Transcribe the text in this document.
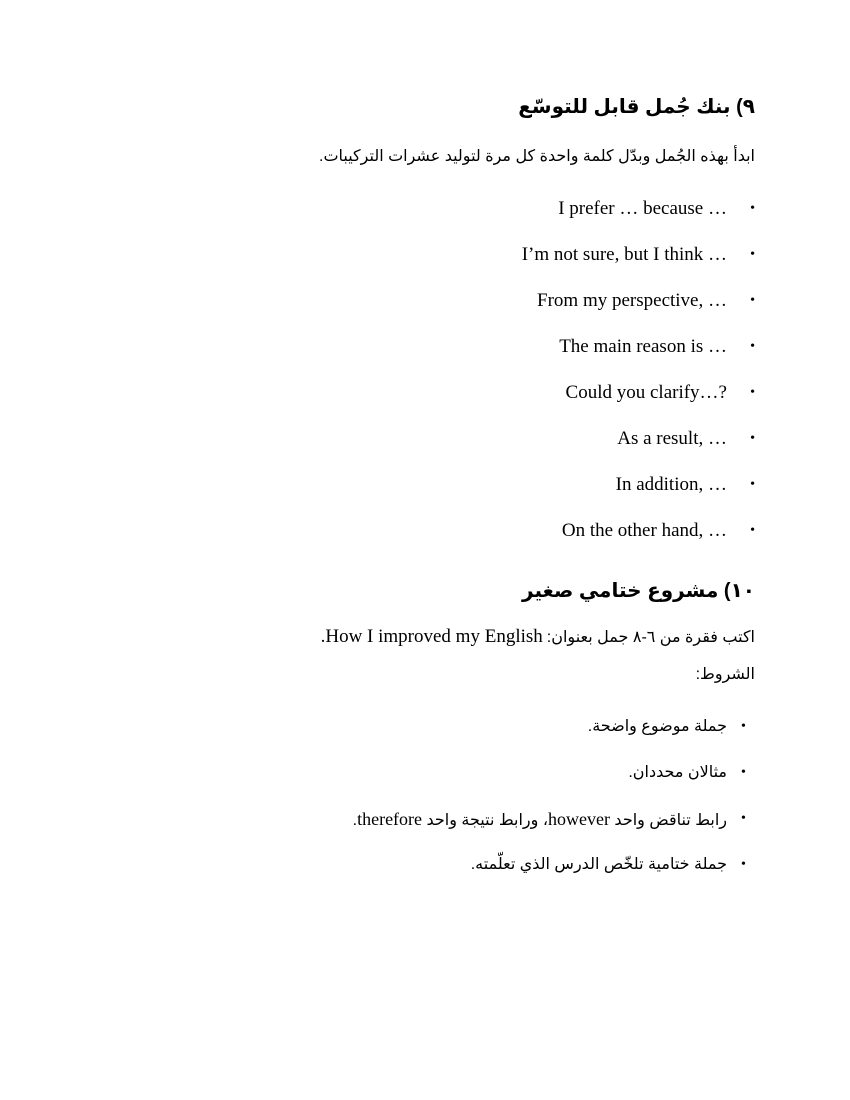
٩) بنك جُمل قابل للتوسّع
ابدأ بهذه الجُمل وبدّل كلمة واحدة كل مرة لتوليد عشرات التركيبات.
I prefer … because …	•
I’m not sure, but I think …	•
From my perspective, …	•
The main reason is …	•
Could you clarify…?	•
As a result, …	•
In addition, …	•
On the other hand, …	•
١٠) مشروع ختامي صغير
اكتب فقرة من ٦-٨ جمل بعنوان: How I improved my English.
الشروط:
•
جملة موضوع واضحة.
•
مثالان محددان.
•
رابط تناقض واحد however، ورابط نتيجة واحد therefore.
•
جملة ختامية تلخّص الدرس الذي تعلّمته.
